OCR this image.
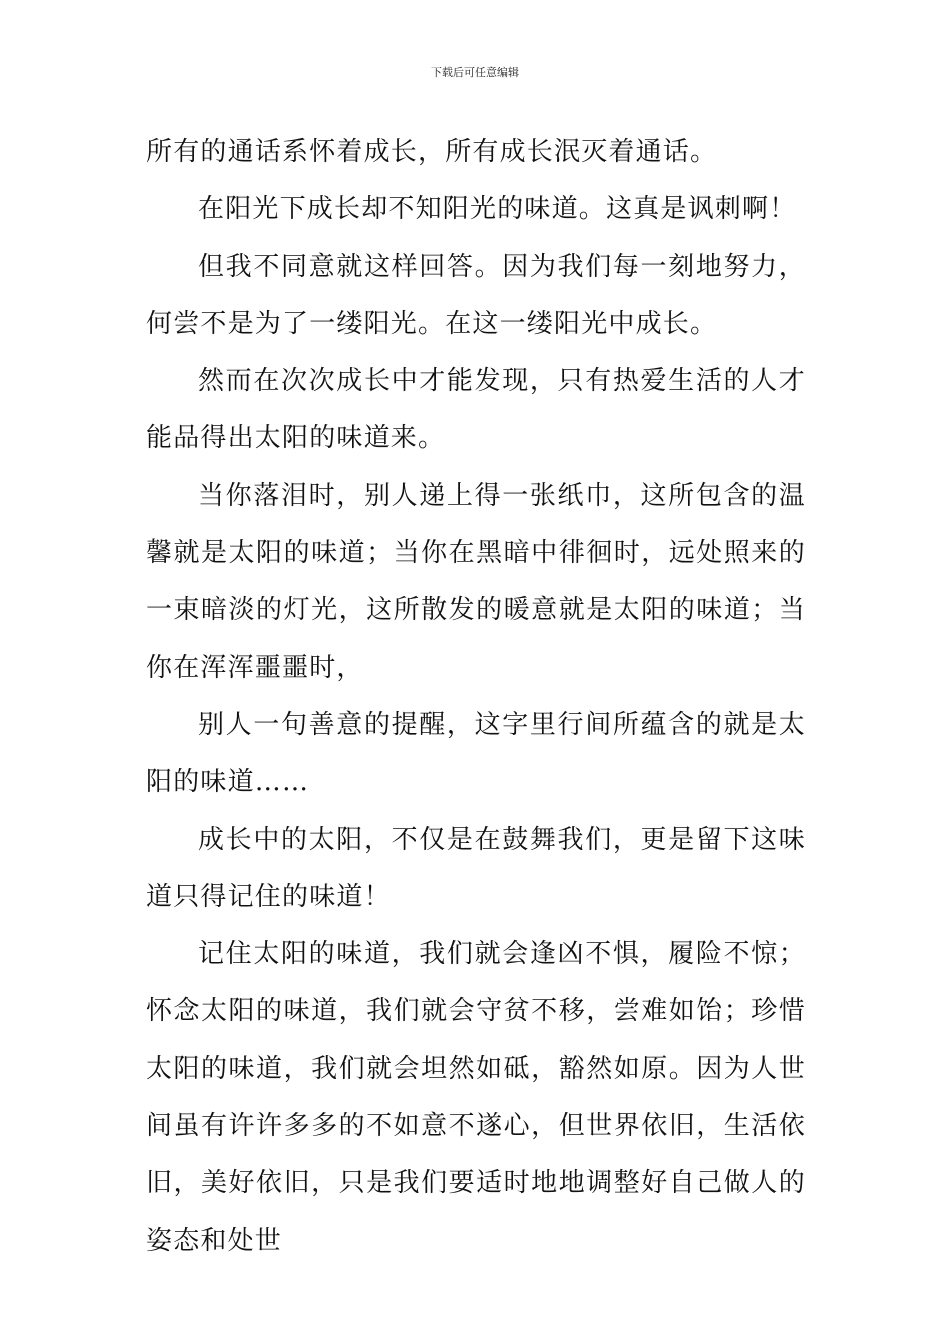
下载后可任意编辑

所有的通话系怀着成长，所有成长泯灭着通话。

在阳光下成长却不知阳光的味道。这真是讽刺啊！

但我不同意就这样回答。因为我们每一刻地努力，何尝不是为了一缕阳光。在这一缕阳光中成长。

然而在次次成长中才能发现，只有热爱生活的人才能品得出太阳的味道来。

当你落泪时，别人递上得一张纸巾，这所包含的温馨就是太阳的味道；当你在黑暗中徘徊时，远处照来的一束暗淡的灯光，这所散发的暖意就是太阳的味道；当你在浑浑噩噩时，

别人一句善意的提醒，这字里行间所蕴含的就是太阳的味道……

成长中的太阳，不仅是在鼓舞我们，更是留下这味道只得记住的味道！

记住太阳的味道，我们就会逢凶不惧，履险不惊；怀念太阳的味道，我们就会守贫不移，尝难如饴；珍惜太阳的味道，我们就会坦然如砥，豁然如原。因为人世间虽有许许多多的不如意不遂心，但世界依旧，生活依旧，美好依旧，只是我们要适时地地调整好自己做人的姿态和处世
